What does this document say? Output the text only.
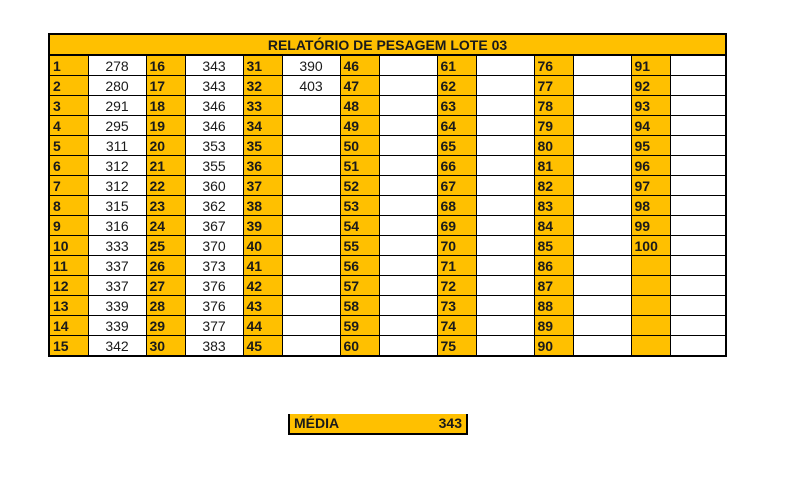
RELATÓRIO DE PESAGEM LOTE 03													
1	278	16	343	31	390	46		61		76		91	
2	280	17	343	32	403	47		62		77		92	
3	291	18	346	33		48		63		78		93	
4	295	19	346	34		49		64		79		94	
5	311	20	353	35		50		65		80		95	
6	312	21	355	36		51		66		81		96	
7	312	22	360	37		52		67		82		97	
8	315	23	362	38		53		68		83		98	
9	316	24	367	39		54		69		84		99	
10	333	25	370	40		55		70		85		100	
11	337	26	373	41		56		71		86			
12	337	27	376	42		57		72		87			
13	339	28	376	43		58		73		88			
14	339	29	377	44		59		74		89			
15	342	30	383	45		60		75		90			
MÉDIA	343
